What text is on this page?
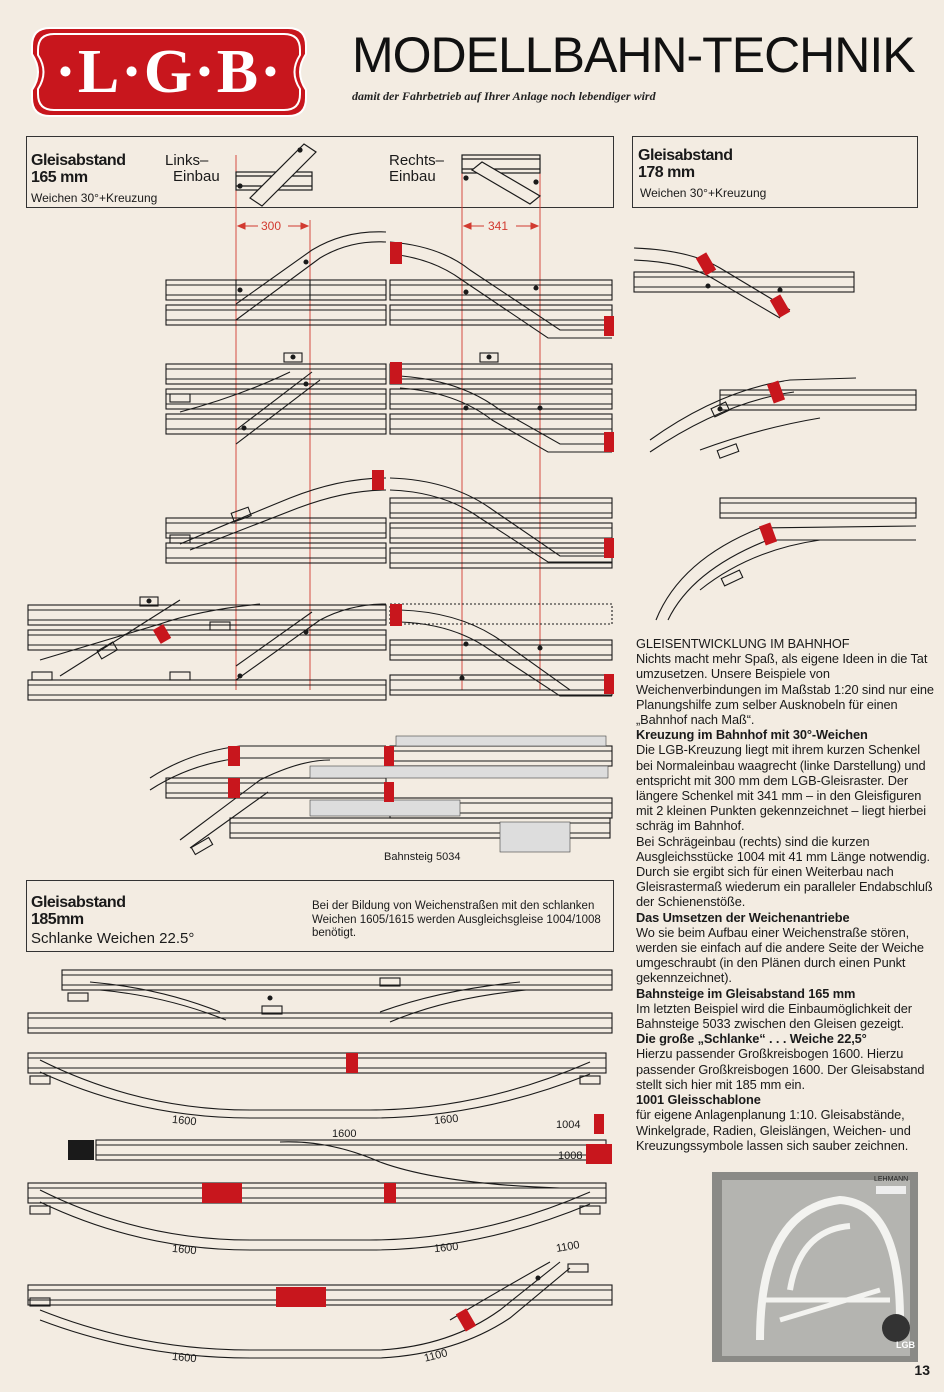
·L·G·B·	MODELLBAHN-TECHNIK
damit der Fahrbetrieb auf Ihrer Anlage noch lebendiger wird
Gleisabstand
165 mm
Weichen 30°+Kreuzung
Links–
Einbau
Rechts–
Einbau
Gleisabstand
178 mm
Weichen 30°+Kreuzung
Gleisabstand
185mm
Schlanke Weichen 22.5°
Bei der Bildung von Weichenstraßen mit den schlanken Weichen 1605/1615 werden Ausgleichsgleise 1004/1008 benötigt.
300	341
Bahnsteig 5034
1004
1008
1600	1600
1600
1600	1600	1100
1600	1100
LEHMANN
LGB

GLEISENTWICKLUNG IM BAHNHOF

Nichts macht mehr Spaß, als eigene Ideen in die Tat umzusetzen. Unsere Beispiele von Weichenverbindungen im Maßstab 1:20 sind nur eine Planungshilfe zum selber Ausknobeln für einen „Bahnhof nach Maß“.

Kreuzung im Bahnhof mit 30°-Weichen

Die LGB-Kreuzung liegt mit ihrem kurzen Schenkel bei Normaleinbau waagrecht (linke Darstellung) und entspricht mit 300 mm dem LGB-Gleisraster. Der längere Schenkel mit 341 mm – in den Gleisfiguren mit 2 kleinen Punkten gekennzeichnet – liegt hierbei schräg im Bahnhof.

Bei Schrägeinbau (rechts) sind die kurzen Ausgleichsstücke 1004 mit 41 mm Länge notwendig. Durch sie ergibt sich für einen Weiterbau nach Gleisrastermaß wiederum ein paralleler Endabschluß der Schienenstöße.

Das Umsetzen der Weichenantriebe

Wo sie beim Aufbau einer Weichenstraße stören, werden sie einfach auf die andere Seite der Weiche umgeschraubt (in den Plänen durch einen Punkt gekennzeichnet).

Bahnsteige im Gleisabstand 165 mm

Im letzten Beispiel wird die Einbaumöglichkeit der Bahnsteige 5033 zwischen den Gleisen gezeigt.

Die große „Schlanke“ . . . Weiche 22,5°

Hierzu passender Großkreisbogen 1600. Hierzu passender Großkreisbogen 1600. Der Gleisabstand stellt sich hier mit 185 mm ein.

1001 Gleisschablone

für eigene Anlagenplanung 1:10. Gleisabstände, Winkelgrade, Radien, Gleislängen, Weichen- und Kreuzungssymbole lassen sich sauber zeichnen.

13
